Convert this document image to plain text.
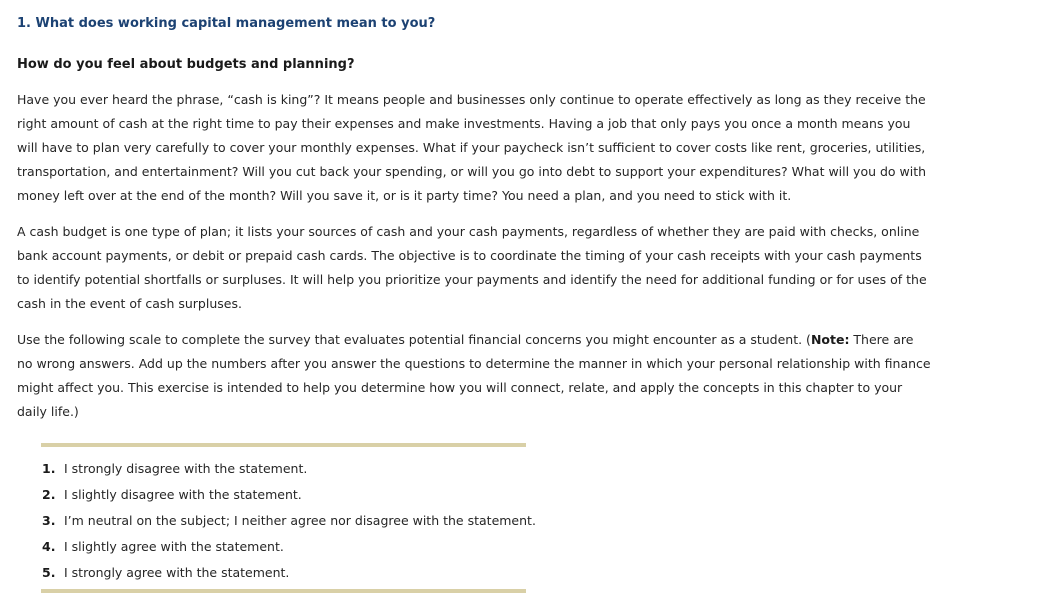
1. What does working capital management mean to you?
How do you feel about budgets and planning?

Have you ever heard the phrase, “cash is king”? It means people and businesses only continue to operate effectively as long as they receive the right amount of cash at the right time to pay their expenses and make investments. Having a job that only pays you once a month means you will have to plan very carefully to cover your monthly expenses. What if your paycheck isn’t sufficient to cover costs like rent, groceries, utilities, transportation, and entertainment? Will you cut back your spending, or will you go into debt to support your expenditures? What will you do with money left over at the end of the month? Will you save it, or is it party time? You need a plan, and you need to stick with it.

A cash budget is one type of plan; it lists your sources of cash and your cash payments, regardless of whether they are paid with checks, online bank account payments, or debit or prepaid cash cards. The objective is to coordinate the timing of your cash receipts with your cash payments to identify potential shortfalls or surpluses. It will help you prioritize your payments and identify the need for additional funding or for uses of the cash in the event of cash surpluses.

Use the following scale to complete the survey that evaluates potential financial concerns you might encounter as a student. (Note: There are no wrong answers. Add up the numbers after you answer the questions to determine the manner in which your personal relationship with finance might affect you. This exercise is intended to help you determine how you will connect, relate, and apply the concepts in this chapter to your daily life.)

1. I strongly disagree with the statement.
2. I slightly disagree with the statement.
3. I’m neutral on the subject; I neither agree nor disagree with the statement.
4. I slightly agree with the statement.
5. I strongly agree with the statement.
